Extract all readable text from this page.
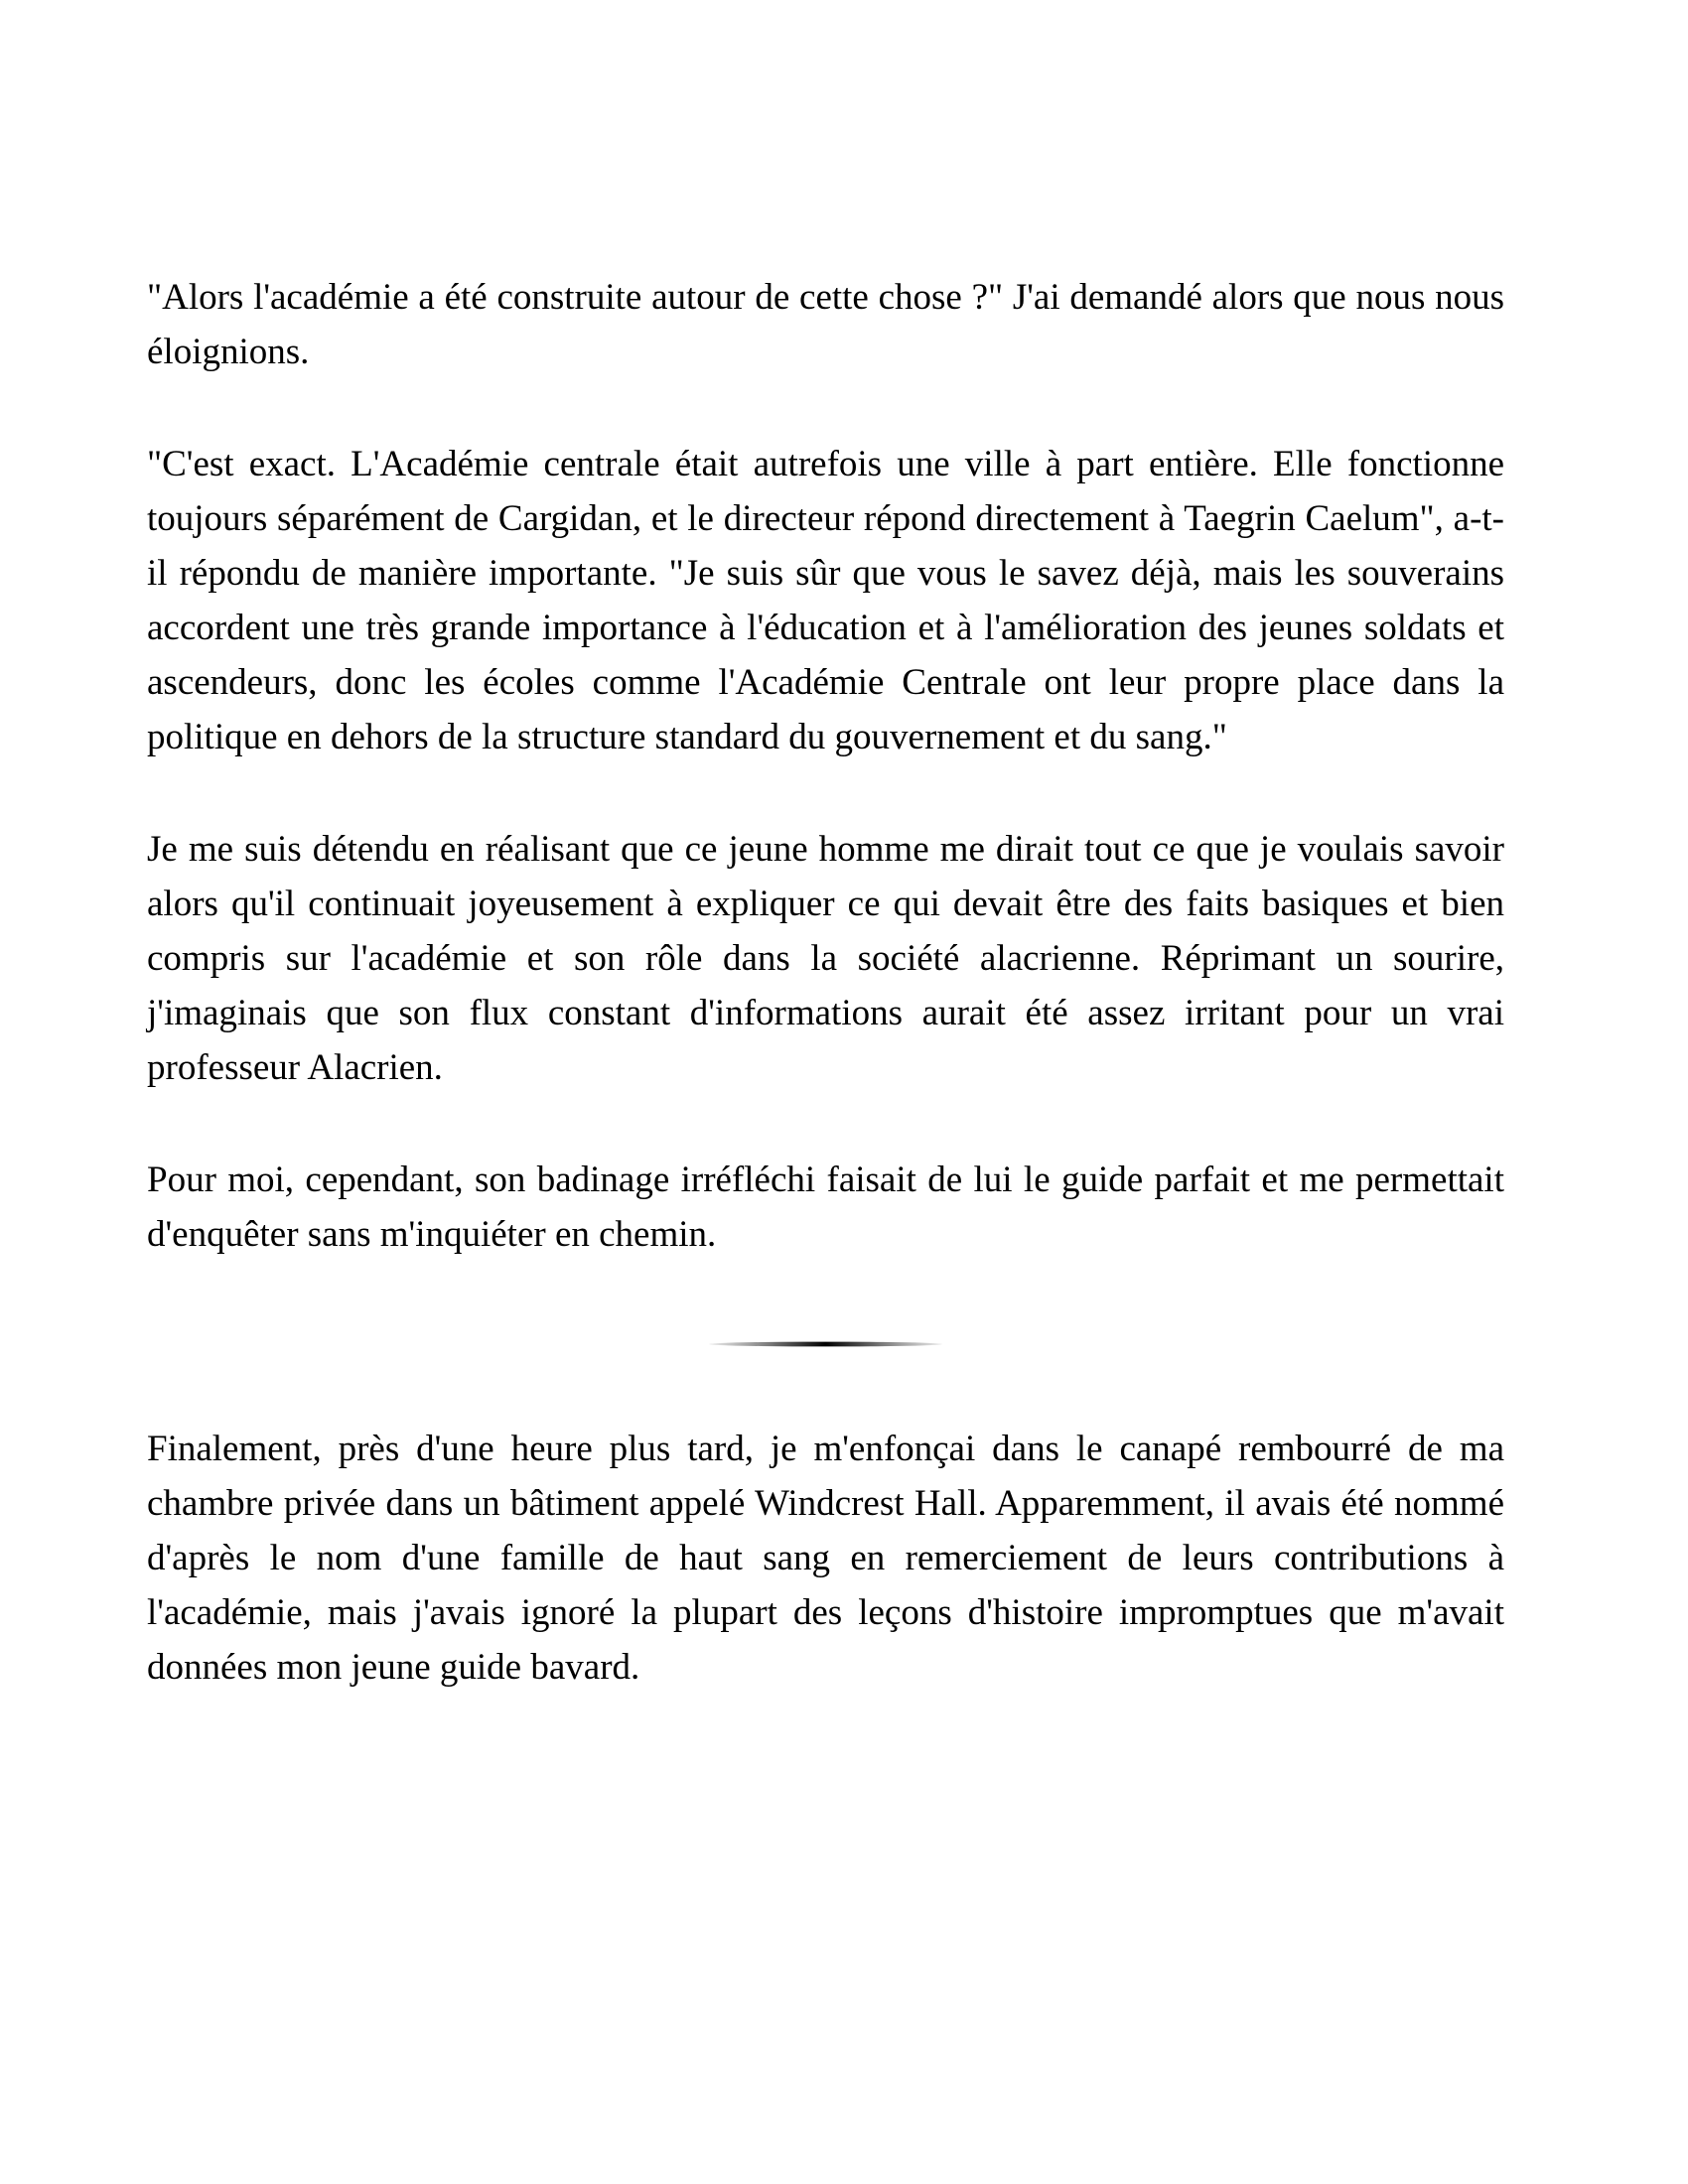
"Alors l'académie a été construite autour de cette chose ?" J'ai demandé alors que nous nous éloignions.

"C'est exact. L'Académie centrale était autrefois une ville à part entière. Elle fonctionne toujours séparément de Cargidan, et le directeur répond directement à Taegrin Caelum", a-t-il répondu de manière importante. "Je suis sûr que vous le savez déjà, mais les souverains accordent une très grande importance à l'éducation et à l'amélioration des jeunes soldats et ascendeurs, donc les écoles comme l'Académie Centrale ont leur propre place dans la politique en dehors de la structure standard du gouvernement et du sang."

Je me suis détendu en réalisant que ce jeune homme me dirait tout ce que je voulais savoir alors qu'il continuait joyeusement à expliquer ce qui devait être des faits basiques et bien compris sur l'académie et son rôle dans la société alacrienne. Réprimant un sourire, j'imaginais que son flux constant d'informations aurait été assez irritant pour un vrai professeur Alacrien.

Pour moi, cependant, son badinage irréfléchi faisait de lui le guide parfait et me permettait d'enquêter sans m'inquiéter en chemin.

Finalement, près d'une heure plus tard, je m'enfonçai dans le canapé rembourré de ma chambre privée dans un bâtiment appelé Windcrest Hall. Apparemment, il avais été nommé d'après le nom d'une famille de haut sang en remerciement de leurs contributions à l'académie, mais j'avais ignoré la plupart des leçons d'histoire impromptues que m'avait données mon jeune guide bavard.
